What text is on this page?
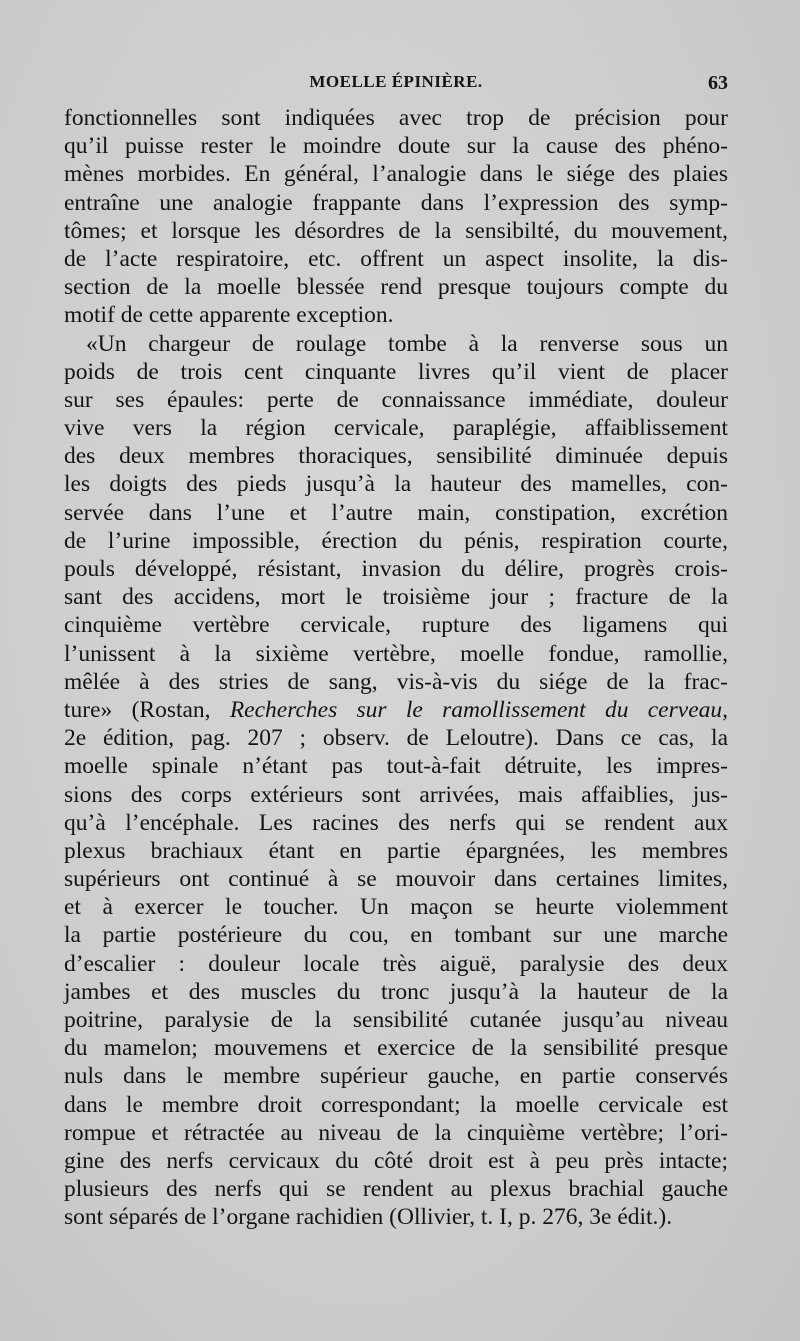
MOELLE ÉPINIÈRE.	63
fonctionnelles sont indiquées avec trop de précision pour
qu’il puisse rester le moindre doute sur la cause des phéno-
mènes morbides. En général, l’analogie dans le siége des plaies
entraîne une analogie frappante dans l’expression des symp-
tômes; et lorsque les désordres de la sensibilté, du mouvement,
de l’acte respiratoire, etc. offrent un aspect insolite, la dis-
section de la moelle blessée rend presque toujours compte du
motif de cette apparente exception.
«Un chargeur de roulage tombe à la renverse sous un
poids de trois cent cinquante livres qu’il vient de placer
sur ses épaules: perte de connaissance immédiate, douleur
vive vers la région cervicale, paraplégie, affaiblissement
des deux membres thoraciques, sensibilité diminuée depuis
les doigts des pieds jusqu’à la hauteur des mamelles, con-
servée dans l’une et l’autre main, constipation, excrétion
de l’urine impossible, érection du pénis, respiration courte,
pouls développé, résistant, invasion du délire, progrès crois-
sant des accidens, mort le troisième jour ; fracture de la
cinquième vertèbre cervicale, rupture des ligamens qui
l’unissent à la sixième vertèbre, moelle fondue, ramollie,
mêlée à des stries de sang, vis-à-vis du siége de la frac-
ture» (Rostan, Recherches sur le ramollissement du cerveau,
2e édition, pag. 207 ; observ. de Leloutre). Dans ce cas, la
moelle spinale n’étant pas tout-à-fait détruite, les impres-
sions des corps extérieurs sont arrivées, mais affaiblies, jus-
qu’à l’encéphale. Les racines des nerfs qui se rendent aux
plexus brachiaux étant en partie épargnées, les membres
supérieurs ont continué à se mouvoir dans certaines limites,
et à exercer le toucher. Un maçon se heurte violemment
la partie postérieure du cou, en tombant sur une marche
d’escalier : douleur locale très aiguë, paralysie des deux
jambes et des muscles du tronc jusqu’à la hauteur de la
poitrine, paralysie de la sensibilité cutanée jusqu’au niveau
du mamelon; mouvemens et exercice de la sensibilité presque
nuls dans le membre supérieur gauche, en partie conservés
dans le membre droit correspondant; la moelle cervicale est
rompue et rétractée au niveau de la cinquième vertèbre; l’ori-
gine des nerfs cervicaux du côté droit est à peu près intacte;
plusieurs des nerfs qui se rendent au plexus brachial gauche
sont séparés de l’organe rachidien (Ollivier, t. I, p. 276, 3e édit.).
